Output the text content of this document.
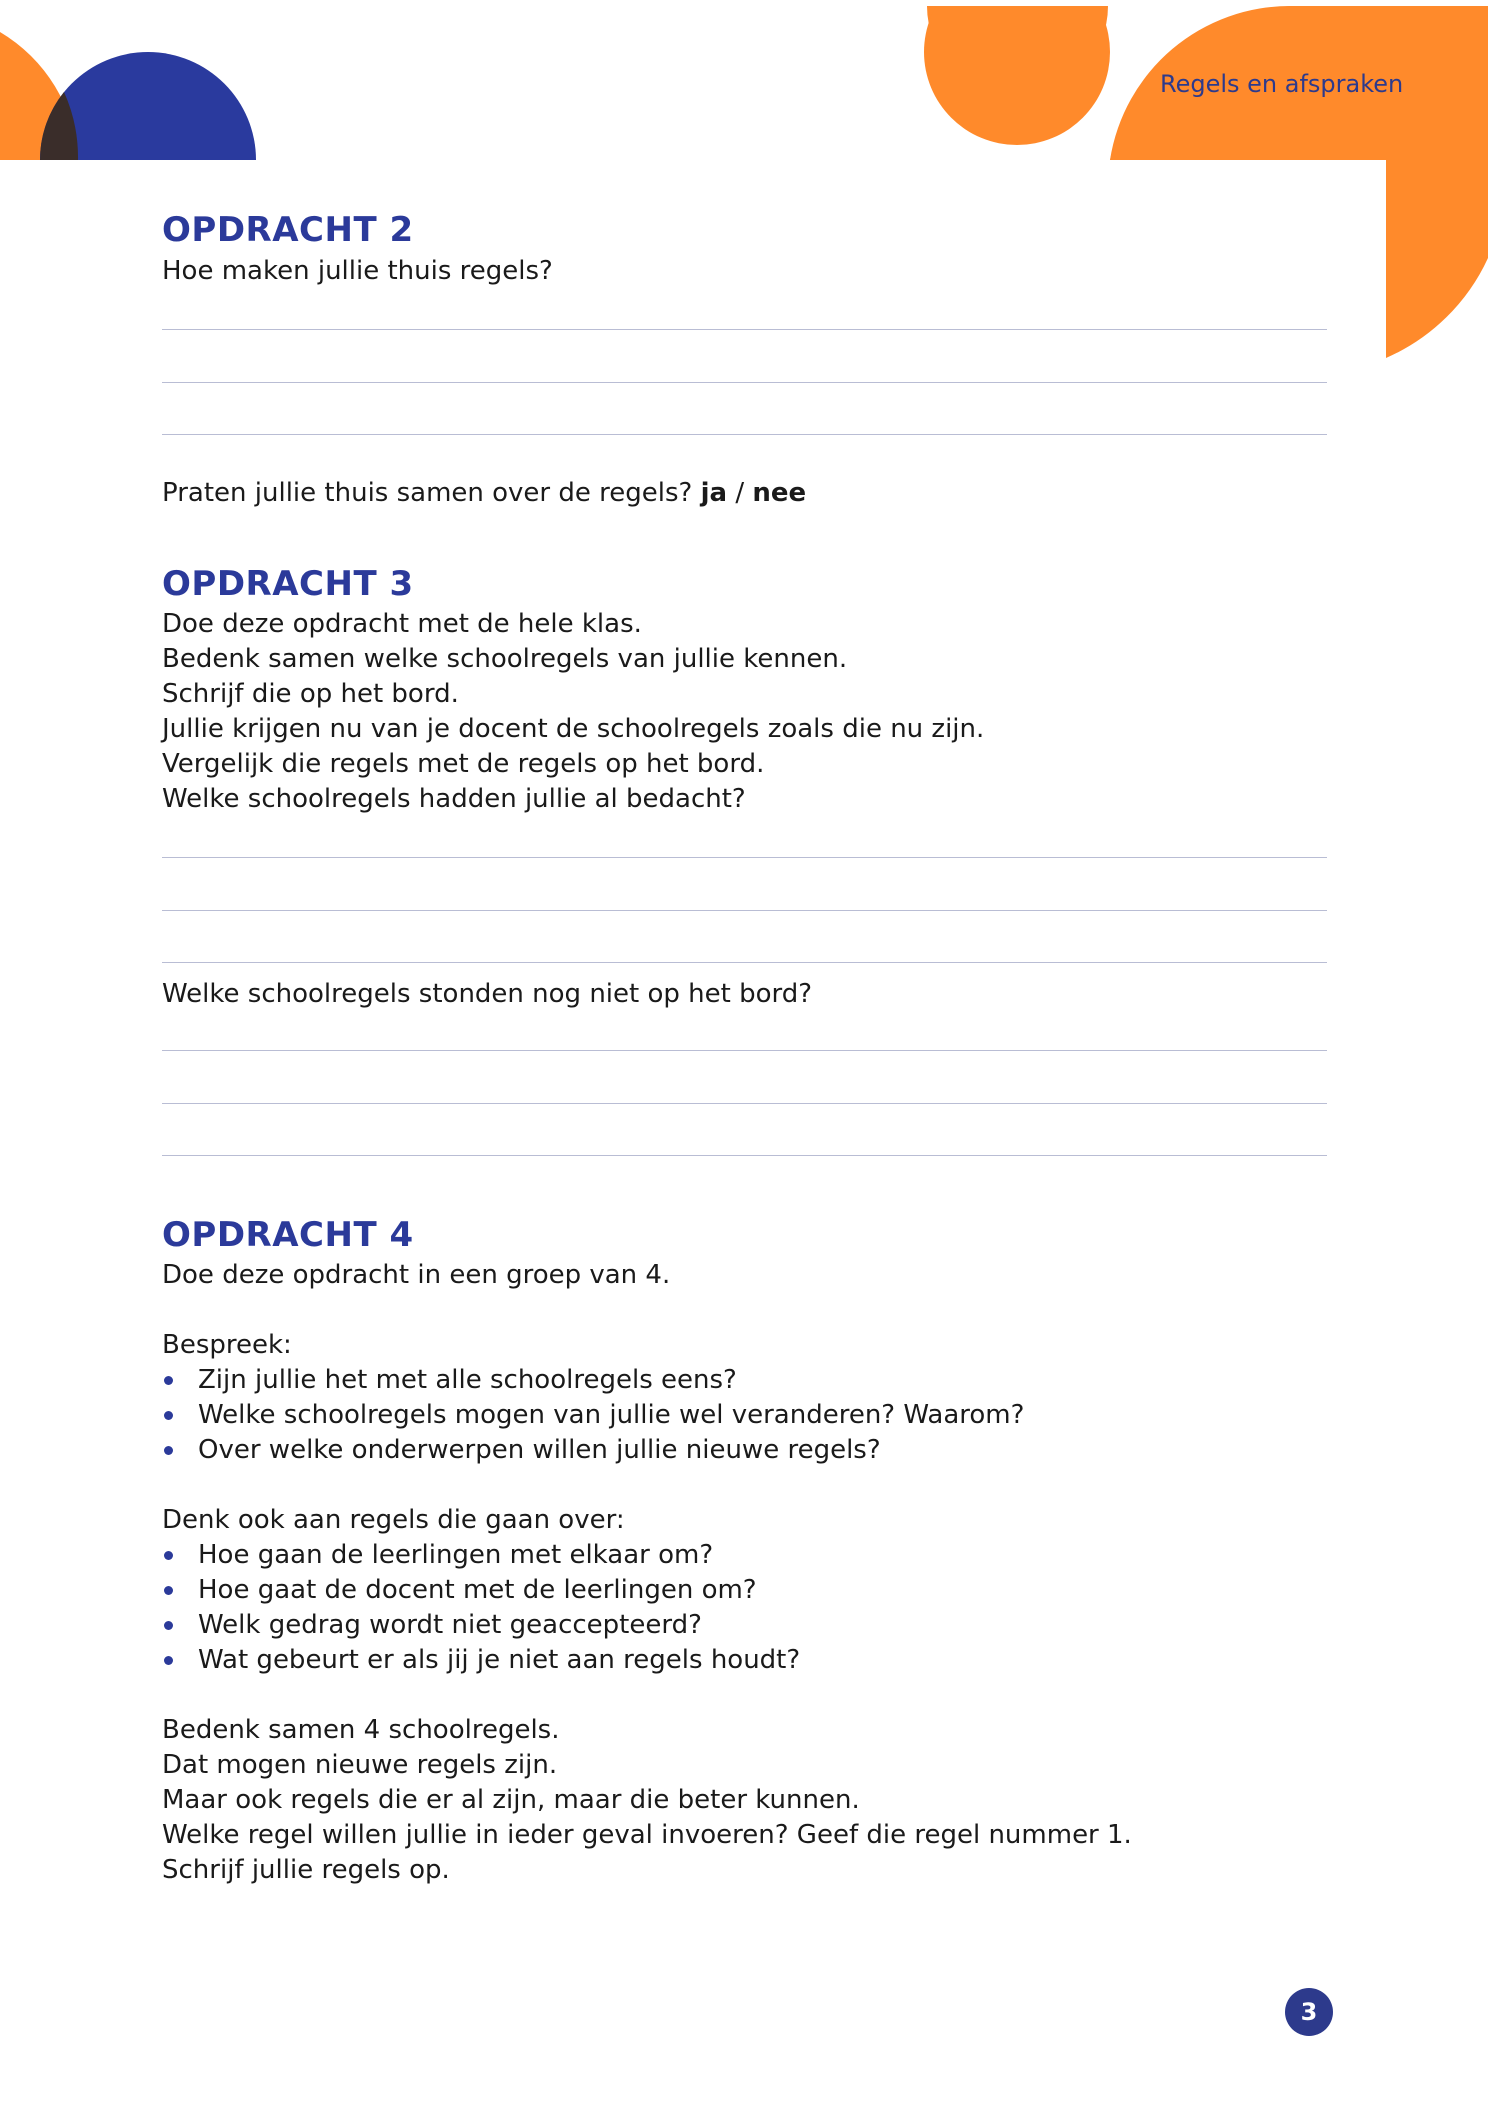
Regels en afspraken
OPDRACHT 2
Hoe maken jullie thuis regels?
Praten jullie thuis samen over de regels? ja / nee
OPDRACHT 3
Doe deze opdracht met de hele klas.
Bedenk samen welke schoolregels van jullie kennen.
Schrijf die op het bord.
Jullie krijgen nu van je docent de schoolregels zoals die nu zijn.
Vergelijk die regels met de regels op het bord.
Welke schoolregels hadden jullie al bedacht?
Welke schoolregels stonden nog niet op het bord?
OPDRACHT 4
Doe deze opdracht in een groep van 4.
Bespreek:
Zijn jullie het met alle schoolregels eens?
Welke schoolregels mogen van jullie wel veranderen? Waarom?
Over welke onderwerpen willen jullie nieuwe regels?
Denk ook aan regels die gaan over:
Hoe gaan de leerlingen met elkaar om?
Hoe gaat de docent met de leerlingen om?
Welk gedrag wordt niet geaccepteerd?
Wat gebeurt er als jij je niet aan regels houdt?
Bedenk samen 4 schoolregels.
Dat mogen nieuwe regels zijn.
Maar ook regels die er al zijn, maar die beter kunnen.
Welke regel willen jullie in ieder geval invoeren? Geef die regel nummer 1.
Schrijf jullie regels op.
3
